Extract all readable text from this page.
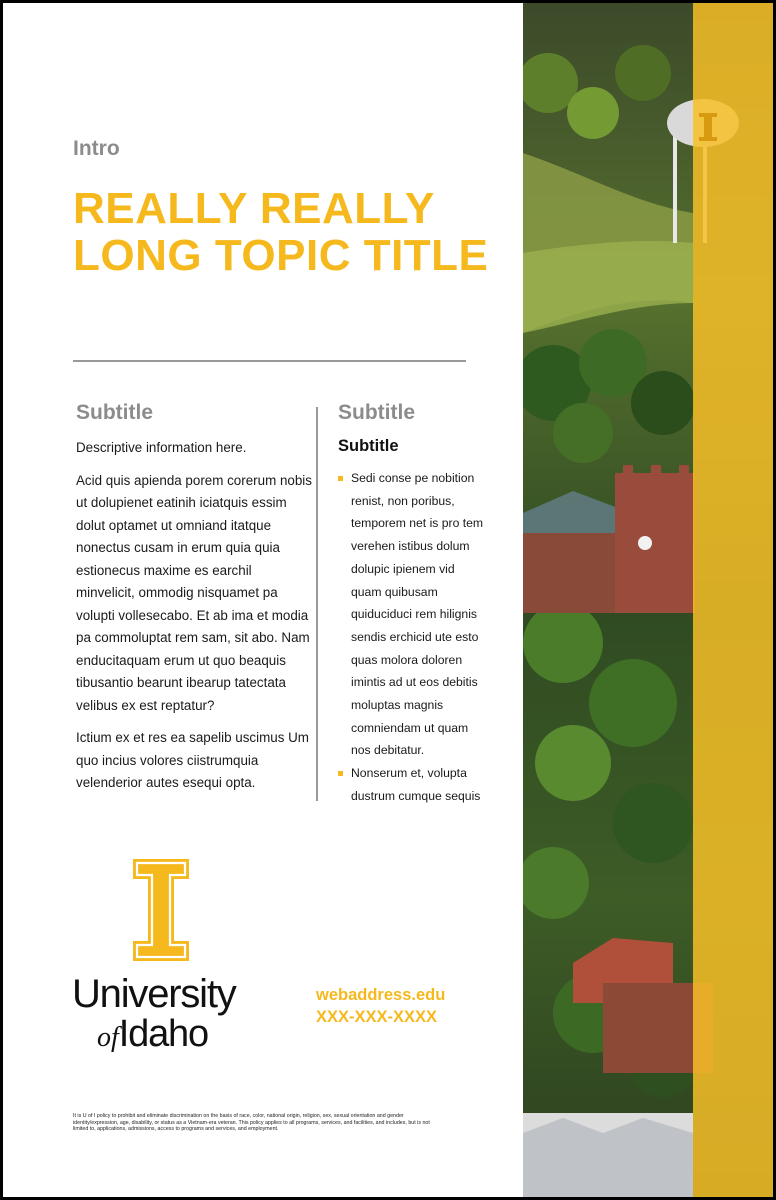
Intro
REALLY REALLY LONG TOPIC TITLE
Subtitle

Descriptive information here.

Acid quis apienda porem corerum nobis ut dolupienet eatinih iciatquis essim dolut optamet ut omniand itatque nonectus cusam in erum quia quia estionecus maxime es earchil minvelicit, ommodig nisquamet pa volupti vollesecabo. Et ab ima et modia pa commoluptat rem sam, sit abo. Nam enducitaquam erum ut quo beaquis tibusantio bearunt ibearup tatectata velibus ex est reptatur?

Ictium ex et res ea sapelib uscimus Um quo incius volores ciistrumquia velenderior autes esequi opta.

Subtitle
Subtitle
Sedi conse pe nobition renist, non poribus, temporem net is pro tem verehen istibus dolum dolupic ipienem vid quam quibusam quiduciduci rem hilignis sendis erchicid ute esto quas molora doloren imintis ad ut eos debitis moluptas magnis comniendam ut quam nos debitatur.
Nonserum et, volupta dustrum cumque sequis
University
ofIdaho
webaddress.edu
XXX-XXX-XXXX
It is U of I policy to prohibit and eliminate discrimination on the basis of race, color, national origin, religion, sex, sexual orientation and gender identity/expression, age, disability, or status as a Vietnam-era veteran. This policy applies to all programs, services, and facilities, and includes, but is not limited to, applications, admissions, access to programs and services, and employment.
